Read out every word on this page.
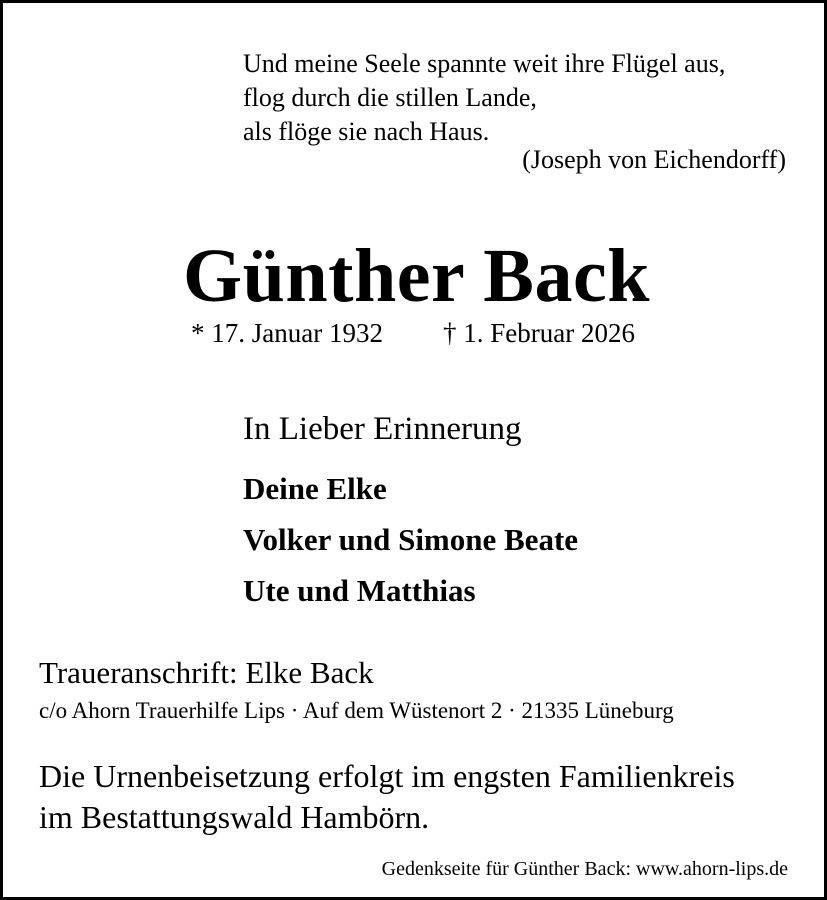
Und meine Seele spannte weit ihre Flügel aus,
flog durch die stillen Lande,
als flöge sie nach Haus.
(Joseph von Eichendorff)
Günther Back
* 17. Januar 1932 † 1. Februar 2026
In Lieber Erinnerung
Deine Elke
Volker und Simone Beate
Ute und Matthias
Traueranschrift: Elke Back
c/o Ahorn Trauerhilfe Lips · Auf dem Wüstenort 2 · 21335 Lüneburg
Die Urnenbeisetzung erfolgt im engsten Familienkreis
im Bestattungswald Hambörn.
Gedenkseite für Günther Back: www.ahorn-lips.de
